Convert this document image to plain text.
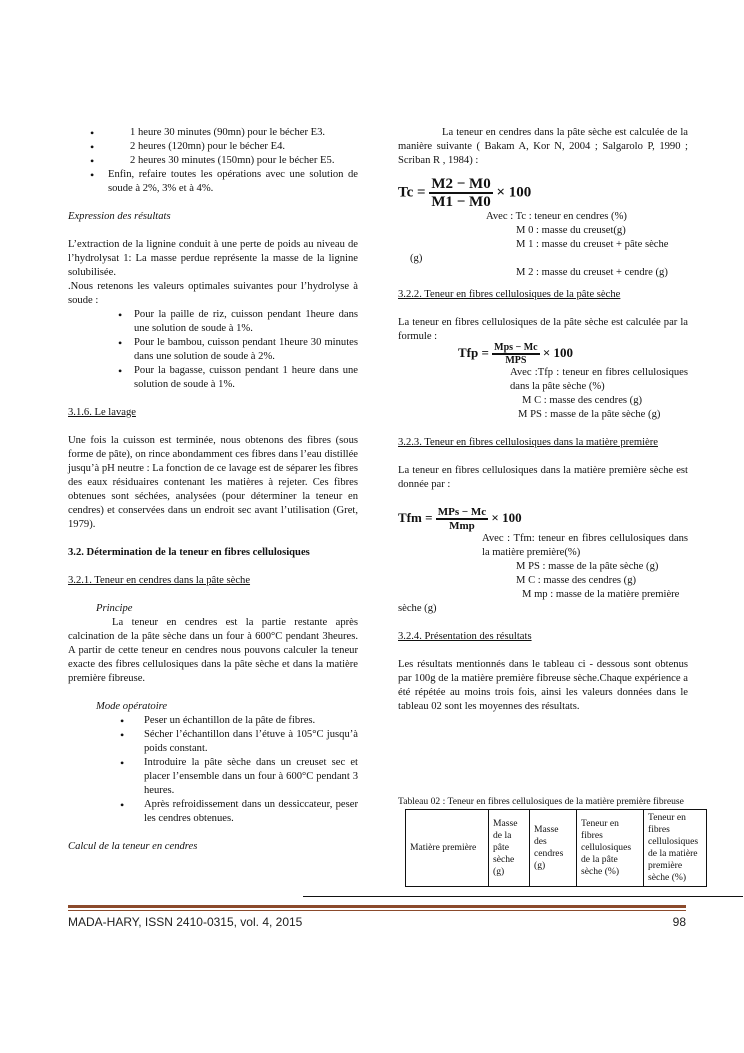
• 1 heure 30 minutes (90mn) pour le bécher E3.
• 2 heures (120mn) pour le bécher E4.
• 2 heures 30 minutes (150mn) pour le bécher E5.
• Enfin, refaire toutes les opérations avec une solution de soude à 2%, 3% et à 4%.

Expression des résultats

L’extraction de la lignine conduit à une perte de poids au niveau de l’hydrolysat 1: La masse perdue représente la masse de la lignine solubilisée.

.Nous retenons les valeurs optimales suivantes pour l’hydrolyse à soude :

• Pour la paille de riz, cuisson pendant 1heure dans une solution de soude à 1%.

• Pour le bambou, cuisson pendant 1heure 30 minutes dans une solution de soude à 2%.

• Pour la bagasse, cuisson pendant 1 heure dans une solution de soude à 1%.

3.1.6. Le lavage

Une fois la cuisson est terminée, nous obtenons des fibres (sous forme de pâte), on rince abondamment ces fibres dans l’eau distillée jusqu’à pH neutre : La fonction de ce lavage est de séparer les fibres des eaux résiduaires contenant les matières à rejeter. Ces fibres obtenues sont séchées, analysées (pour déterminer la teneur en cendres) et conservées dans un endroit sec avant l’utilisation (Gret, 1979).

3.2. Détermination de la teneur en fibres cellulosiques

3.2.1. Teneur en cendres dans la pâte sèche

Principe

La teneur en cendres est la partie restante après calcination de la pâte sèche dans un four à 600°C pendant 3heures. A partir de cette teneur en cendres nous pouvons calculer la teneur exacte des fibres cellulosiques dans la pâte sèche et dans la matière première fibreuse.

Mode opératoire

• Peser un échantillon de la pâte de fibres.

• Sécher l’échantillon dans l’étuve à 105°C jusqu’à poids constant.

• Introduire la pâte sèche dans un creuset sec et placer l’ensemble dans un four à 600°C pendant 3 heures.

• Après refroidissement dans un dessiccateur, peser les cendres obtenues.

Calcul de la teneur en cendres

La teneur en cendres dans la pâte sèche est calculée de la manière suivante ( Bakam A, Kor N, 2004 ; Salgarolo P, 1990 ; Scriban R , 1984) :

$Tc = \frac{M2 - M0}{M1 - M0} \times 100$

Avec : Tc : teneur en cendres (%)

M 0 : masse du creuset(g)

M 1 : masse du creuset + pâte sèche

(g)

M 2 : masse du creuset + cendre (g)

3.2.2. Teneur en fibres cellulosiques de la pâte sèche

La teneur en fibres cellulosiques de la pâte sèche est calculée par la formule :

Tfp = $\frac{\text{Mps − Mc}}{\text{MPS}} \times 100$

Avec :Tfp : teneur en fibres cellulosiques dans la pâte sèche (%)

M C : masse des cendres (g)

M PS : masse de la pâte sèche (g)

3.2.3. Teneur en fibres cellulosiques dans la matière première

La teneur en fibres cellulosiques dans la matière première sèche est donnée par :

Tfm = $\frac{\text{MPs − Mc}}{\text{Mmp}} \times 100$

Avec : Tfm: teneur en fibres cellulosiques dans la matière première(%)

M PS : masse de la pâte sèche (g)

M C : masse des cendres (g)

M mp : masse de la matière première

sèche (g)

3.2.4. Présentation des résultats

Les résultats mentionnés dans le tableau ci - dessous sont obtenus par 100g de la matière première fibreuse sèche.Chaque expérience a été répétée au moins trois fois, ainsi les valeurs données dans le tableau 02 sont les moyennes des résultats.

Tableau 02 : Teneur en fibres cellulosiques de la matière première fibreuse
Matière première	Masse de la pâte sèche (g)	Masse des cendres (g)	Teneur en fibres cellulosiques de la pâte sèche (%)	Teneur en fibres cellulosiques de la matière première sèche (%)
MADA-HARY, ISSN 2410-0315, vol. 4, 2015	98
